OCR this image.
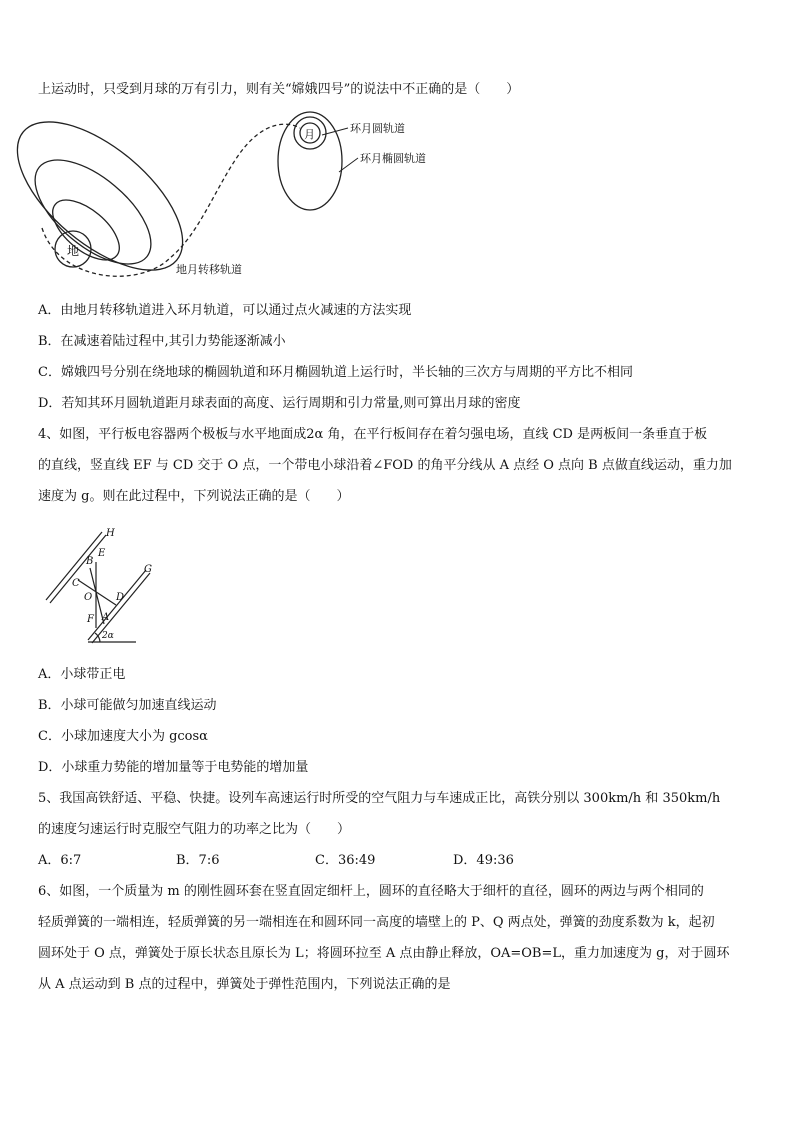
上运动时，只受到月球的万有引力，则有关“嫦娥四号”的说法中不正确的是（　　）
地
月	环月圆轨道
环月椭圆轨道
地月转移轨道
A．由地月转移轨道进入环月轨道，可以通过点火减速的方法实现
B．在减速着陆过程中,其引力势能逐渐减小
C．嫦娥四号分别在绕地球的椭圆轨道和环月椭圆轨道上运行时，半长轴的三次方与周期的平方比不相同
D．若知其环月圆轨道距月球表面的高度、运行周期和引力常量,则可算出月球的密度
4、如图，平行板电容器两个极板与水平地面成2α 角，在平行板间存在着匀强电场，直线 CD 是两板间一条垂直于板
的直线，竖直线 EF 与 CD 交于 O 点，一个带电小球沿着∠FOD 的角平分线从 A 点经 O 点向 B 点做直线运动，重力加
速度为 g。则在此过程中，下列说法正确的是（　　）
H
G
B
E
C
O D
A
F
2α
A．小球带正电
B．小球可能做匀加速直线运动
C．小球加速度大小为 gcosα
D．小球重力势能的增加量等于电势能的增加量
5、我国高铁舒适、平稳、快捷。设列车高速运行时所受的空气阻力与车速成正比，高铁分别以 300km/h 和 350km/h
的速度匀速运行时克服空气阻力的功率之比为（　　）
A．6:7	B．7:6	C．36:49	D．49:36
6、如图，一个质量为 m 的刚性圆环套在竖直固定细杆上，圆环的直径略大于细杆的直径，圆环的两边与两个相同的
轻质弹簧的一端相连，轻质弹簧的另一端相连在和圆环同一高度的墙壁上的 P、Q 两点处，弹簧的劲度系数为 k，起初
圆环处于 O 点，弹簧处于原长状态且原长为 L；将圆环拉至 A 点由静止释放，OA=OB=L，重力加速度为 g，对于圆环
从 A 点运动到 B 点的过程中，弹簧处于弹性范围内，下列说法正确的是
